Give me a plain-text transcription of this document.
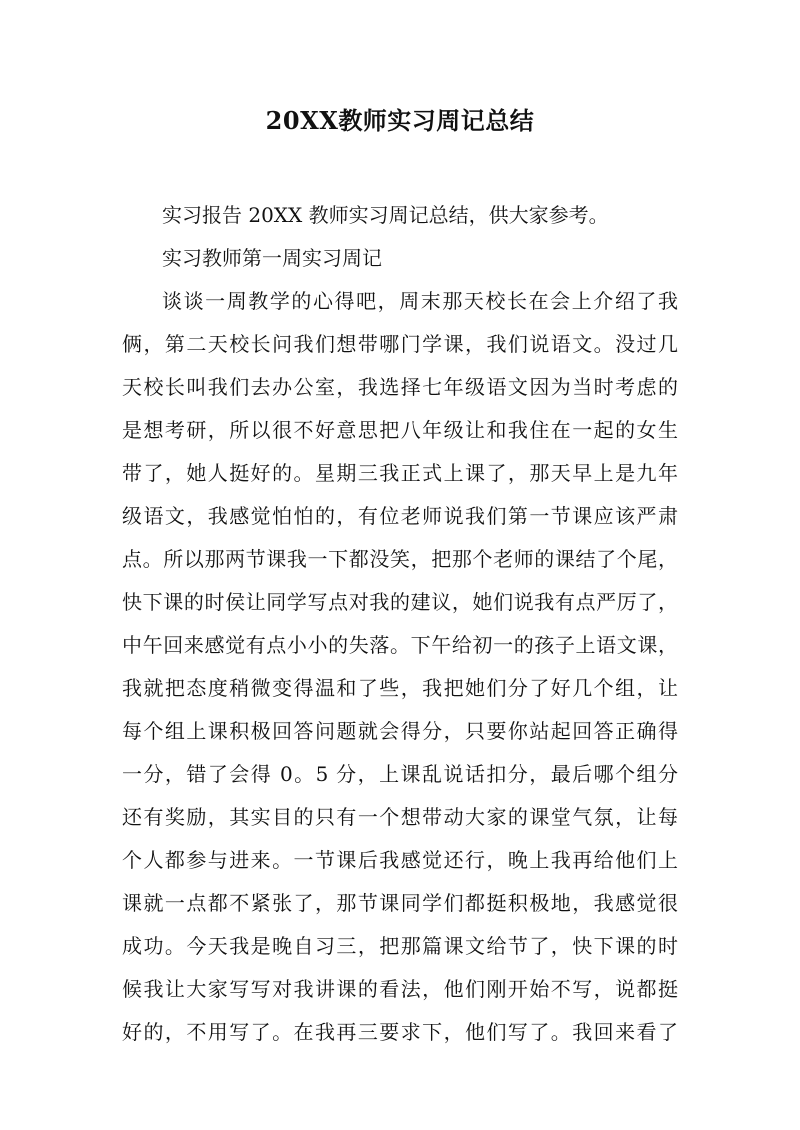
20XX教师实习周记总结
实习报告 20XX 教师实习周记总结，供大家参考。
实习教师第一周实习周记
谈谈一周教学的心得吧，周末那天校长在会上介绍了我
俩，第二天校长问我们想带哪门学课，我们说语文。没过几
天校长叫我们去办公室，我选择七年级语文因为当时考虑的
是想考研，所以很不好意思把八年级让和我住在一起的女生
带了，她人挺好的。星期三我正式上课了，那天早上是九年
级语文，我感觉怕怕的，有位老师说我们第一节课应该严肃
点。所以那两节课我一下都没笑，把那个老师的课结了个尾，
快下课的时侯让同学写点对我的建议，她们说我有点严厉了，
中午回来感觉有点小小的失落。下午给初一的孩子上语文课，
我就把态度稍微变得温和了些，我把她们分了好几个组，让
每个组上课积极回答问题就会得分，只要你站起回答正确得
一分，错了会得 0。5 分，上课乱说话扣分，最后哪个组分
还有奖励，其实目的只有一个想带动大家的课堂气氛，让每
个人都参与进来。一节课后我感觉还行，晚上我再给他们上
课就一点都不紧张了，那节课同学们都挺积极地，我感觉很
成功。今天我是晚自习三，把那篇课文给节了，快下课的时
候我让大家写写对我讲课的看法，他们刚开始不写，说都挺
好的，不用写了。在我再三要求下，他们写了。我回来看了
